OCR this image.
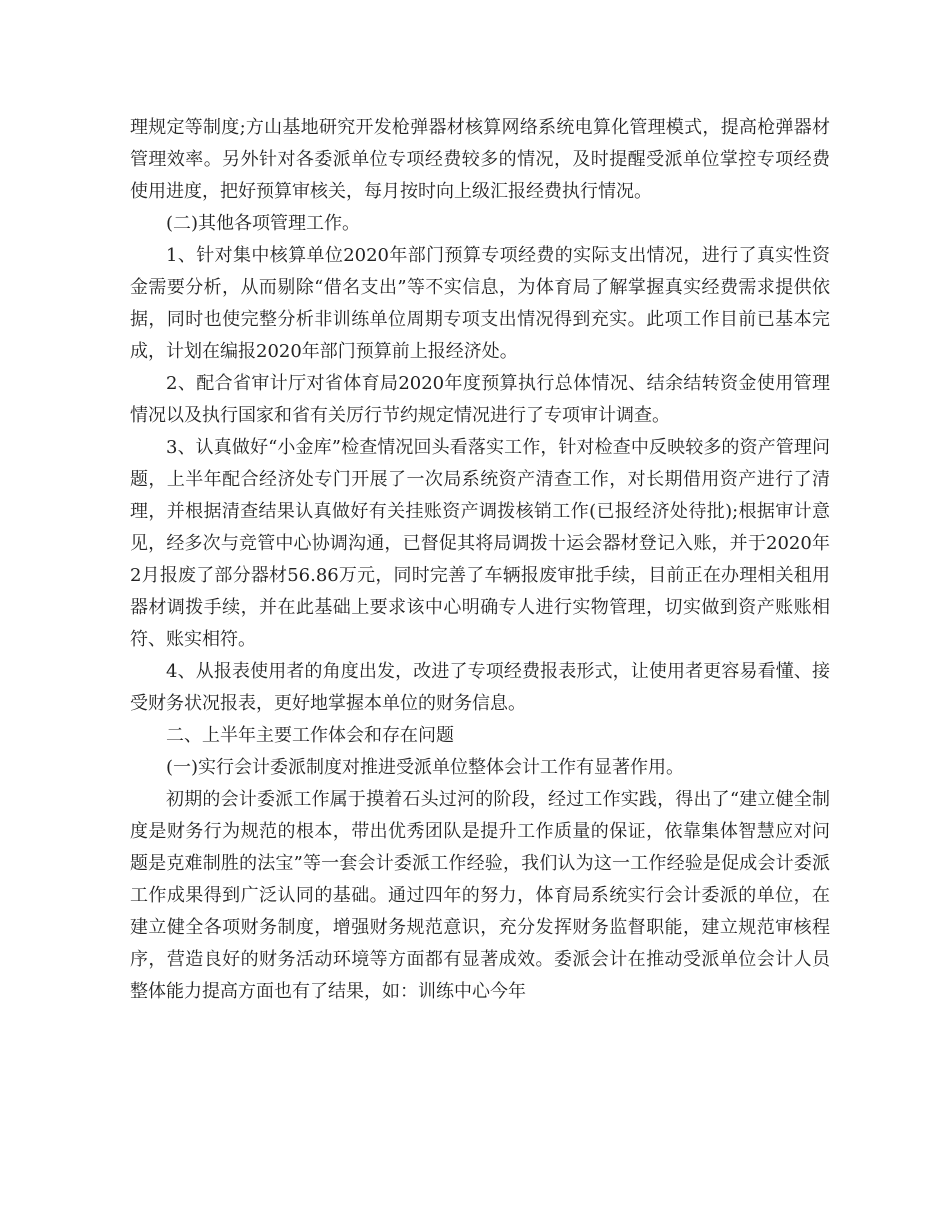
理规定等制度;方山基地研究开发枪弹器材核算网络系统电算化管理模式，提高枪弹器材管理效率。另外针对各委派单位专项经费较多的情况，及时提醒受派单位掌控专项经费使用进度，把好预算审核关，每月按时向上级汇报经费执行情况。

(二)其他各项管理工作。

1、针对集中核算单位2020年部门预算专项经费的实际支出情况，进行了真实性资金需要分析，从而剔除“借名支出”等不实信息，为体育局了解掌握真实经费需求提供依据，同时也使完整分析非训练单位周期专项支出情况得到充实。此项工作目前已基本完成，计划在编报2020年部门预算前上报经济处。

2、配合省审计厅对省体育局2020年度预算执行总体情况、结余结转资金使用管理情况以及执行国家和省有关厉行节约规定情况进行了专项审计调查。

3、认真做好“小金库”检查情况回头看落实工作，针对检查中反映较多的资产管理问题，上半年配合经济处专门开展了一次局系统资产清查工作，对长期借用资产进行了清理，并根据清查结果认真做好有关挂账资产调拨核销工作(已报经济处待批);根据审计意见，经多次与竞管中心协调沟通，已督促其将局调拨十运会器材登记入账，并于2020年2月报废了部分器材56.86万元，同时完善了车辆报废审批手续，目前正在办理相关租用器材调拨手续，并在此基础上要求该中心明确专人进行实物管理，切实做到资产账账相符、账实相符。

4、从报表使用者的角度出发，改进了专项经费报表形式，让使用者更容易看懂、接受财务状况报表，更好地掌握本单位的财务信息。

二、上半年主要工作体会和存在问题

(一)实行会计委派制度对推进受派单位整体会计工作有显著作用。

初期的会计委派工作属于摸着石头过河的阶段，经过工作实践，得出了“建立健全制度是财务行为规范的根本，带出优秀团队是提升工作质量的保证，依靠集体智慧应对问题是克难制胜的法宝”等一套会计委派工作经验，我们认为这一工作经验是促成会计委派工作成果得到广泛认同的基础。通过四年的努力，体育局系统实行会计委派的单位，在建立健全各项财务制度，增强财务规范意识，充分发挥财务监督职能，建立规范审核程序，营造良好的财务活动环境等方面都有显著成效。委派会计在推动受派单位会计人员整体能力提高方面也有了结果，如：训练中心今年
